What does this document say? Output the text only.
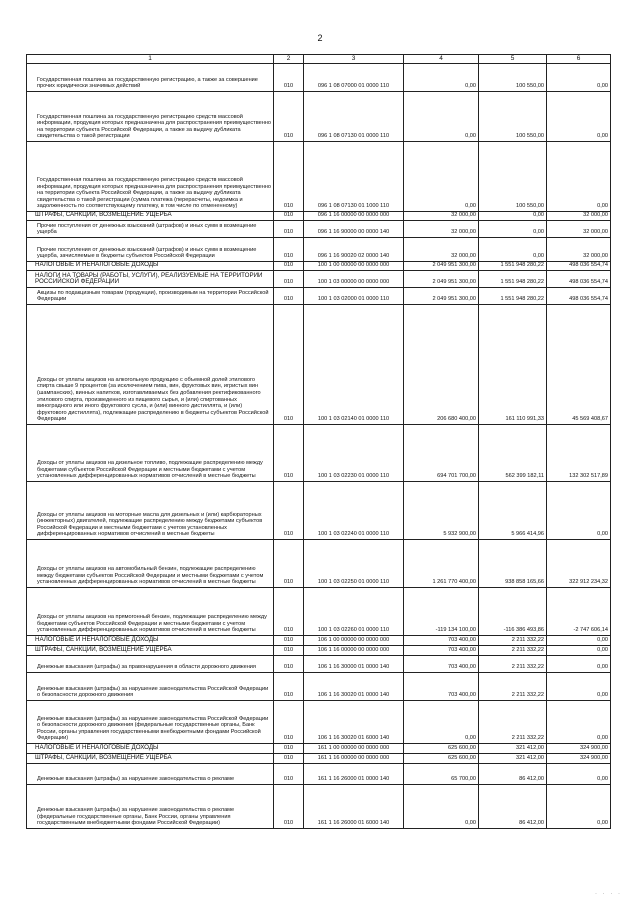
2
1	2	3	4	5	6
Государственная пошлина за государственную регистрацию, а также за совершение прочих юридически значимых действий	010	096 1 08 07000 01 0000 110	0,00	100 550,00	0,00
Государственная пошлина за государственную регистрацию средств массовой информации, продукция которых предназначена для распространения преимущественно на территории субъекта Российской Федерации, а также за выдачу дубликата свидетельства о такой регистрации	010	096 1 08 07130 01 0000 110	0,00	100 550,00	0,00
Государственная пошлина за государственную регистрацию средств массовой информации, продукция которых предназначена для распространения преимущественно на территории субъекта Российской Федерации, а также за выдачу дубликата свидетельства о такой регистрации (сумма платежа (перерасчеты, недоимка и задолженность по соответствующему платежу, в том числе по отмененному)	010	096 1 08 07130 01 1000 110	0,00	100 550,00	0,00
ШТРАФЫ, САНКЦИИ, ВОЗМЕЩЕНИЕ УЩЕРБА	010	096 1 16 00000 00 0000 000	32 000,00	0,00	32 000,00
Прочие поступления от денежных взысканий (штрафов) и иных сумм в возмещение ущерба	010	096 1 16 90000 00 0000 140	32 000,00	0,00	32 000,00
Прочие поступления от денежных взысканий (штрафов) и иных сумм в возмещение ущерба, зачисляемые в бюджеты субъектов Российской Федерации	010	096 1 16 90020 02 0000 140	32 000,00	0,00	32 000,00
НАЛОГОВЫЕ И НЕНАЛОГОВЫЕ ДОХОДЫ	010	100 1 00 00000 00 0000 000	2 049 951 300,00	1 551 948 280,22	498 036 554,74
НАЛОГИ НА ТОВАРЫ (РАБОТЫ, УСЛУГИ), РЕАЛИЗУЕМЫЕ НА ТЕРРИТОРИИ РОССИЙСКОЙ ФЕДЕРАЦИИ	010	100 1 03 00000 00 0000 000	2 049 951 300,00	1 551 948 280,22	498 036 554,74
Акцизы по подакцизным товарам (продукции), производимым на территории Российской Федерации	010	100 1 03 02000 01 0000 110	2 049 951 300,00	1 551 948 280,22	498 036 554,74
Доходы от уплаты акцизов на алкогольную продукцию с объемной долей этилового спирта свыше 9 процентов (за исключением пива, вин, фруктовых вин, игристых вин (шампанских), винных напитков, изготавливаемых без добавления ректификованного этилового спирта, произведенного из пищевого сырья, и (или) спиртованных виноградного или иного фруктового сусла, и (или) винного дистиллята, и (или) фруктового дистиллята), подлежащие распределению в бюджеты субъектов Российской Федерации	010	100 1 03 02140 01 0000 110	206 680 400,00	161 110 991,33	45 569 408,67
Доходы от уплаты акцизов на дизельное топливо, подлежащие распределению между бюджетами субъектов Российской Федерации и местными бюджетами с учетом установленных дифференцированных нормативов отчислений в местные бюджеты	010	100 1 03 02230 01 0000 110	694 701 700,00	562 399 182,11	132 302 517,89
Доходы от уплаты акцизов на моторные масла для дизельных и (или) карбюраторных (инжекторных) двигателей, подлежащие распределению между бюджетами субъектов Российской Федерации и местными бюджетами с учетом установленных дифференцированных нормативов отчислений в местные бюджеты	010	100 1 03 02240 01 0000 110	5 932 900,00	5 966 414,96	0,00
Доходы от уплаты акцизов на автомобильный бензин, подлежащие распределению между бюджетами субъектов Российской Федерации и местными бюджетами с учетом установленных дифференцированных нормативов отчислений в местные бюджеты	010	100 1 03 02250 01 0000 110	1 261 770 400,00	938 858 165,66	322 912 234,32
Доходы от уплаты акцизов на прямогонный бензин, подлежащие распределению между бюджетами субъектов Российской Федерации и местными бюджетами с учетом установленных дифференцированных нормативов отчислений в местные бюджеты	010	100 1 03 02260 01 0000 110	-119 134 100,00	-116 386 493,86	-2 747 606,14
НАЛОГОВЫЕ И НЕНАЛОГОВЫЕ ДОХОДЫ	010	106 1 00 00000 00 0000 000	703 400,00	2 211 332,22	0,00
ШТРАФЫ, САНКЦИИ, ВОЗМЕЩЕНИЕ УЩЕРБА	010	106 1 16 00000 00 0000 000	703 400,00	2 211 332,22	0,00
Денежные взыскания (штрафы) за правонарушения в области дорожного движения	010	106 1 16 30000 01 0000 140	703 400,00	2 211 332,22	0,00
Денежные взыскания (штрафы) за нарушение законодательства Российской Федерации о безопасности дорожного движения	010	106 1 16 30020 01 0000 140	703 400,00	2 211 332,22	0,00
Денежные взыскания (штрафы) за нарушение законодательства Российской Федерации о безопасности дорожного движения (федеральные государственные органы, Банк России, органы управления государственными внебюджетными фондами Российской Федерации)	010	106 1 16 30020 01 6000 140	0,00	2 211 332,22	0,00
НАЛОГОВЫЕ И НЕНАЛОГОВЫЕ ДОХОДЫ	010	161 1 00 00000 00 0000 000	625 600,00	321 412,00	324 900,00
ШТРАФЫ, САНКЦИИ, ВОЗМЕЩЕНИЕ УЩЕРБА	010	161 1 16 00000 00 0000 000	625 600,00	321 412,00	324 900,00
Денежные взыскания (штрафы) за нарушение законодательства о рекламе	010	161 1 16 26000 01 0000 140	65 700,00	86 412,00	0,00
Денежные взыскания (штрафы) за нарушение законодательства о рекламе (федеральные государственные органы, Банк России, органы управления государственными внебюджетными фондами Российской Федерации)	010	161 1 16 26000 01 6000 140	0,00	86 412,00	0,00
· · · ·
